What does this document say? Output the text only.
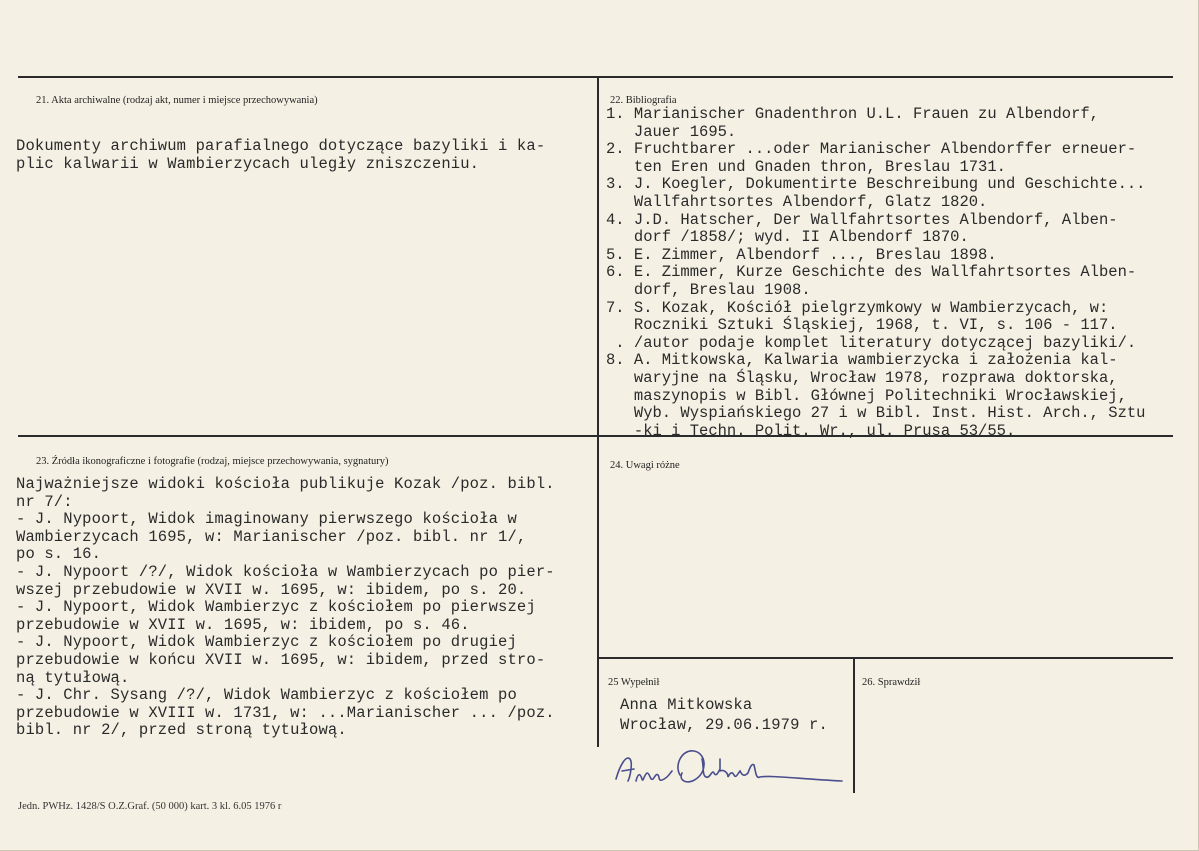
21. Akta archiwalne (rodzaj akt, numer i miejsce przechowywania)
Dokumenty archiwum parafialnego dotyczące bazyliki i ka-
plic kalwarii w Wambierzycach uległy zniszczeniu.
22. Bibliografia
1. Marianischer Gnadenthron U.L. Frauen zu Albendorf,
Jauer 1695.
2. Fruchtbarer ...oder Marianischer Albendorffer erneuer-
ten Eren und Gnaden thron, Breslau 1731.
3. J. Koegler, Dokumentirte Beschreibung und Geschichte...
Wallfahrtsortes Albendorf, Glatz 1820.
4. J.D. Hatscher, Der Wallfahrtsortes Albendorf, Alben-
dorf /1858/; wyd. II Albendorf 1870.
5. E. Zimmer, Albendorf ..., Breslau 1898.
6. E. Zimmer, Kurze Geschichte des Wallfahrtsortes Alben-
dorf, Breslau 1908.
7. S. Kozak, Kościół pielgrzymkowy w Wambierzycach, w:
Roczniki Sztuki Śląskiej, 1968, t. VI, s. 106 - 117.
. /autor podaje komplet literatury dotyczącej bazyliki/.
8. A. Mitkowska, Kalwaria wambierzycka i założenia kal-
waryjne na Śląsku, Wrocław 1978, rozprawa doktorska,
maszynopis w Bibl. Głównej Politechniki Wrocławskiej,
Wyb. Wyspiańskiego 27 i w Bibl. Inst. Hist. Arch., Sztu
-ki i Techn. Polit. Wr., ul. Prusa 53/55.
23. Źródła ikonograficzne i fotografie (rodzaj, miejsce przechowywania, sygnatury)
Najważniejsze widoki kościoła publikuje Kozak /poz. bibl.
nr 7/:
- J. Nypoort, Widok imaginowany pierwszego kościoła w
Wambierzycach 1695, w: Marianischer /poz. bibl. nr 1/,
po s. 16.
- J. Nypoort /?/, Widok kościoła w Wambierzycach po pier-
wszej przebudowie w XVII w. 1695, w: ibidem, po s. 20.
- J. Nypoort, Widok Wambierzyc z kościołem po pierwszej
przebudowie w XVII w. 1695, w: ibidem, po s. 46.
- J. Nypoort, Widok Wambierzyc z kościołem po drugiej
przebudowie w końcu XVII w. 1695, w: ibidem, przed stro-
ną tytułową.
- J. Chr. Sysang /?/, Widok Wambierzyc z kościołem po
przebudowie w XVIII w. 1731, w: ...Marianischer ... /poz.
bibl. nr 2/, przed stroną tytułową.
24. Uwagi różne
25 Wypełnił
Anna Mitkowska
Wrocław, 29.06.1979 r.
26. Sprawdził
Jedn. PWHz. 1428/S O.Z.Graf. (50 000) kart. 3 kl. 6.05 1976 r
